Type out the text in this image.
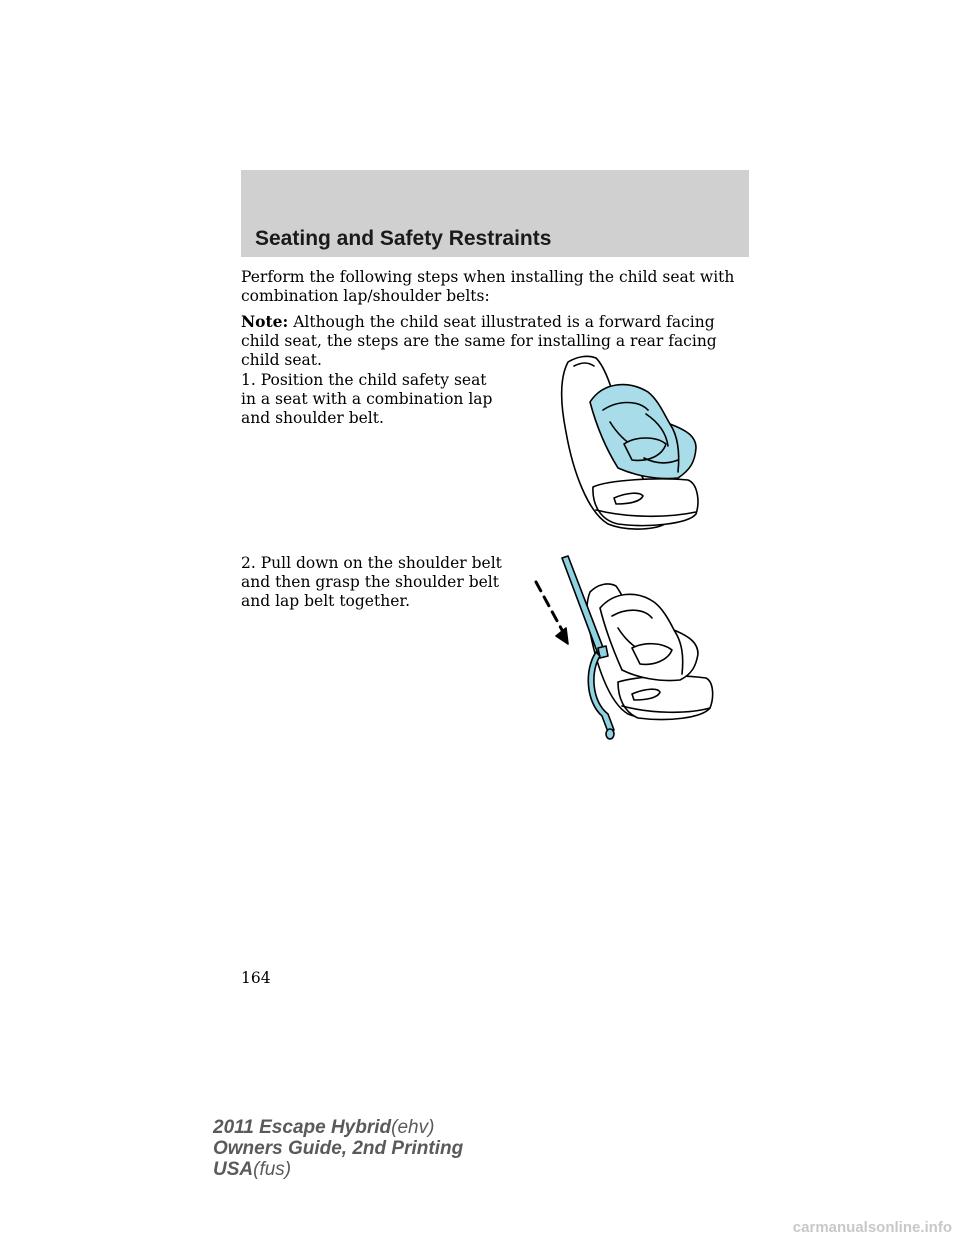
Seating and Safety Restraints
Perform the following steps when installing the child seat with combination lap/shoulder belts:
Note: Although the child seat illustrated is a forward facing child seat, the steps are the same for installing a rear facing child seat.
1. Position the child safety seat in a seat with a combination lap and shoulder belt.
2. Pull down on the shoulder belt and then grasp the shoulder belt and lap belt together.
164
2011 Escape Hybrid(ehv)
Owners Guide, 2nd Printing
USA(fus)
carmanualsonline.info
